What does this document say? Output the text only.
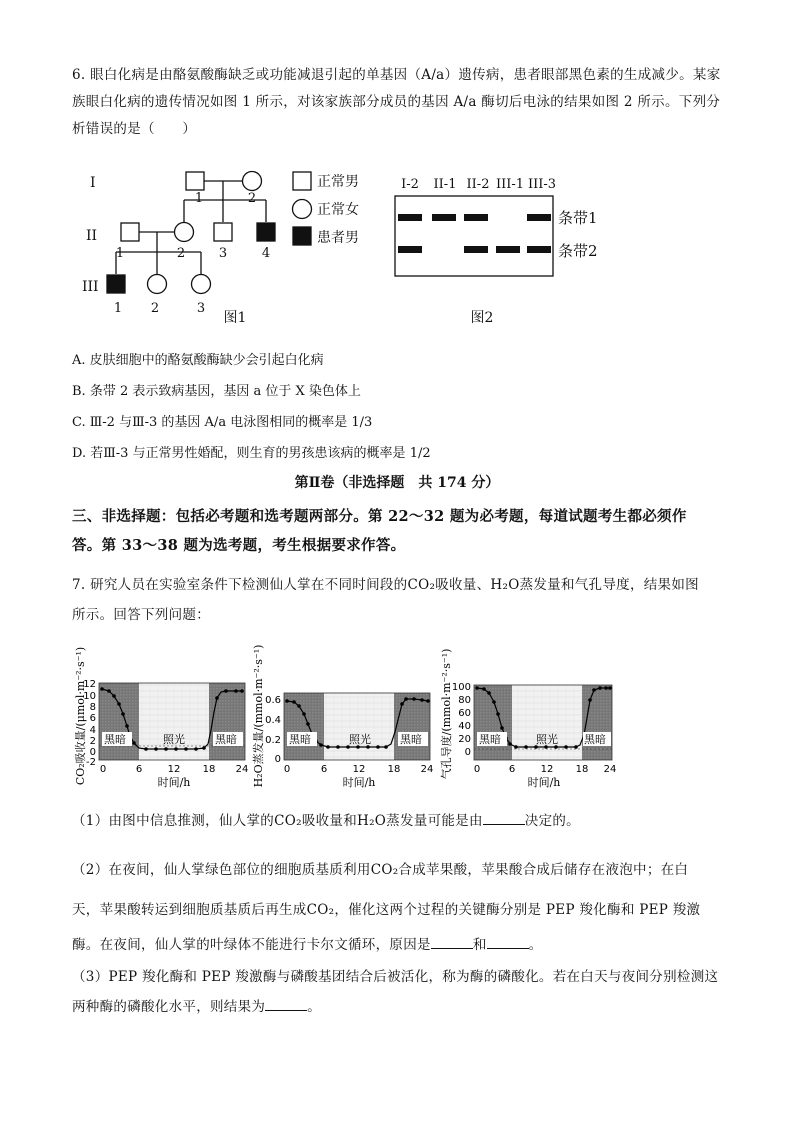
6. 眼白化病是由酪氨酸酶缺乏或功能减退引起的单基因（A/a）遗传病，患者眼部黑色素的生成减少。某家
族眼白化病的遗传情况如图 1 所示，对该家族部分成员的基因 A/a 酶切后电泳的结果如图 2 所示。下列分
析错误的是（　　）
I
II
III
1	2
1	2	3	4
1 2	3
正常男
正常女
患者男
图1
I-2 II-1 II-2 III-1 III-3
条带1
条带2
图2
A. 皮肤细胞中的酪氨酸酶缺少会引起白化病
B. 条带 2 表示致病基因，基因 a 位于 X 染色体上
C. Ⅲ-2 与Ⅲ-3 的基因 A/a 电泳图相同的概率是 1/3
D. 若Ⅲ-3 与正常男性婚配，则生育的男孩患该病的概率是 1/2
第Ⅱ卷（非选择题　共 174 分）
三、非选择题：包括必考题和选考题两部分。第 22～32 题为必考题，每道试题考生都必须作
答。第 33～38 题为选考题，考生根据要求作答。
7. 研究人员在实验室条件下检测仙人掌在不同时间段的CO₂吸收量、H₂O蒸发量和气孔导度，结果如图
所示。回答下列问题：
CO₂吸收量/(μmol·m⁻²·s⁻¹)
12
10
8
6
4
2
0
-2
黑暗	照光	黑暗
0	6	12 18 24
时间/h	H₂O蒸发量/(mmol·m⁻²·s⁻¹) 0.6
0.4
0.2
0
黑暗	照光	黑暗
0	6	12 18 24
时间/h
气孔导度/(mmol·m⁻²·s⁻¹)
100
80
60
40
20
0
黑暗	照光 黑暗
0	6	12 18 24
时间/h
（1）由图中信息推测，仙人掌的CO₂吸收量和H₂O蒸发量可能是由	决定的。
（2）在夜间，仙人掌绿色部位的细胞质基质利用CO₂合成苹果酸，苹果酸合成后储存在液泡中；在白
天，苹果酸转运到细胞质基质后再生成CO₂，催化这两个过程的关键酶分别是 PEP 羧化酶和 PEP 羧激
酶。在夜间，仙人掌的叶绿体不能进行卡尔文循环，原因是	和	。
（3）PEP 羧化酶和 PEP 羧激酶与磷酸基团结合后被活化，称为酶的磷酸化。若在白天与夜间分别检测这
两种酶的磷酸化水平，则结果为	。
